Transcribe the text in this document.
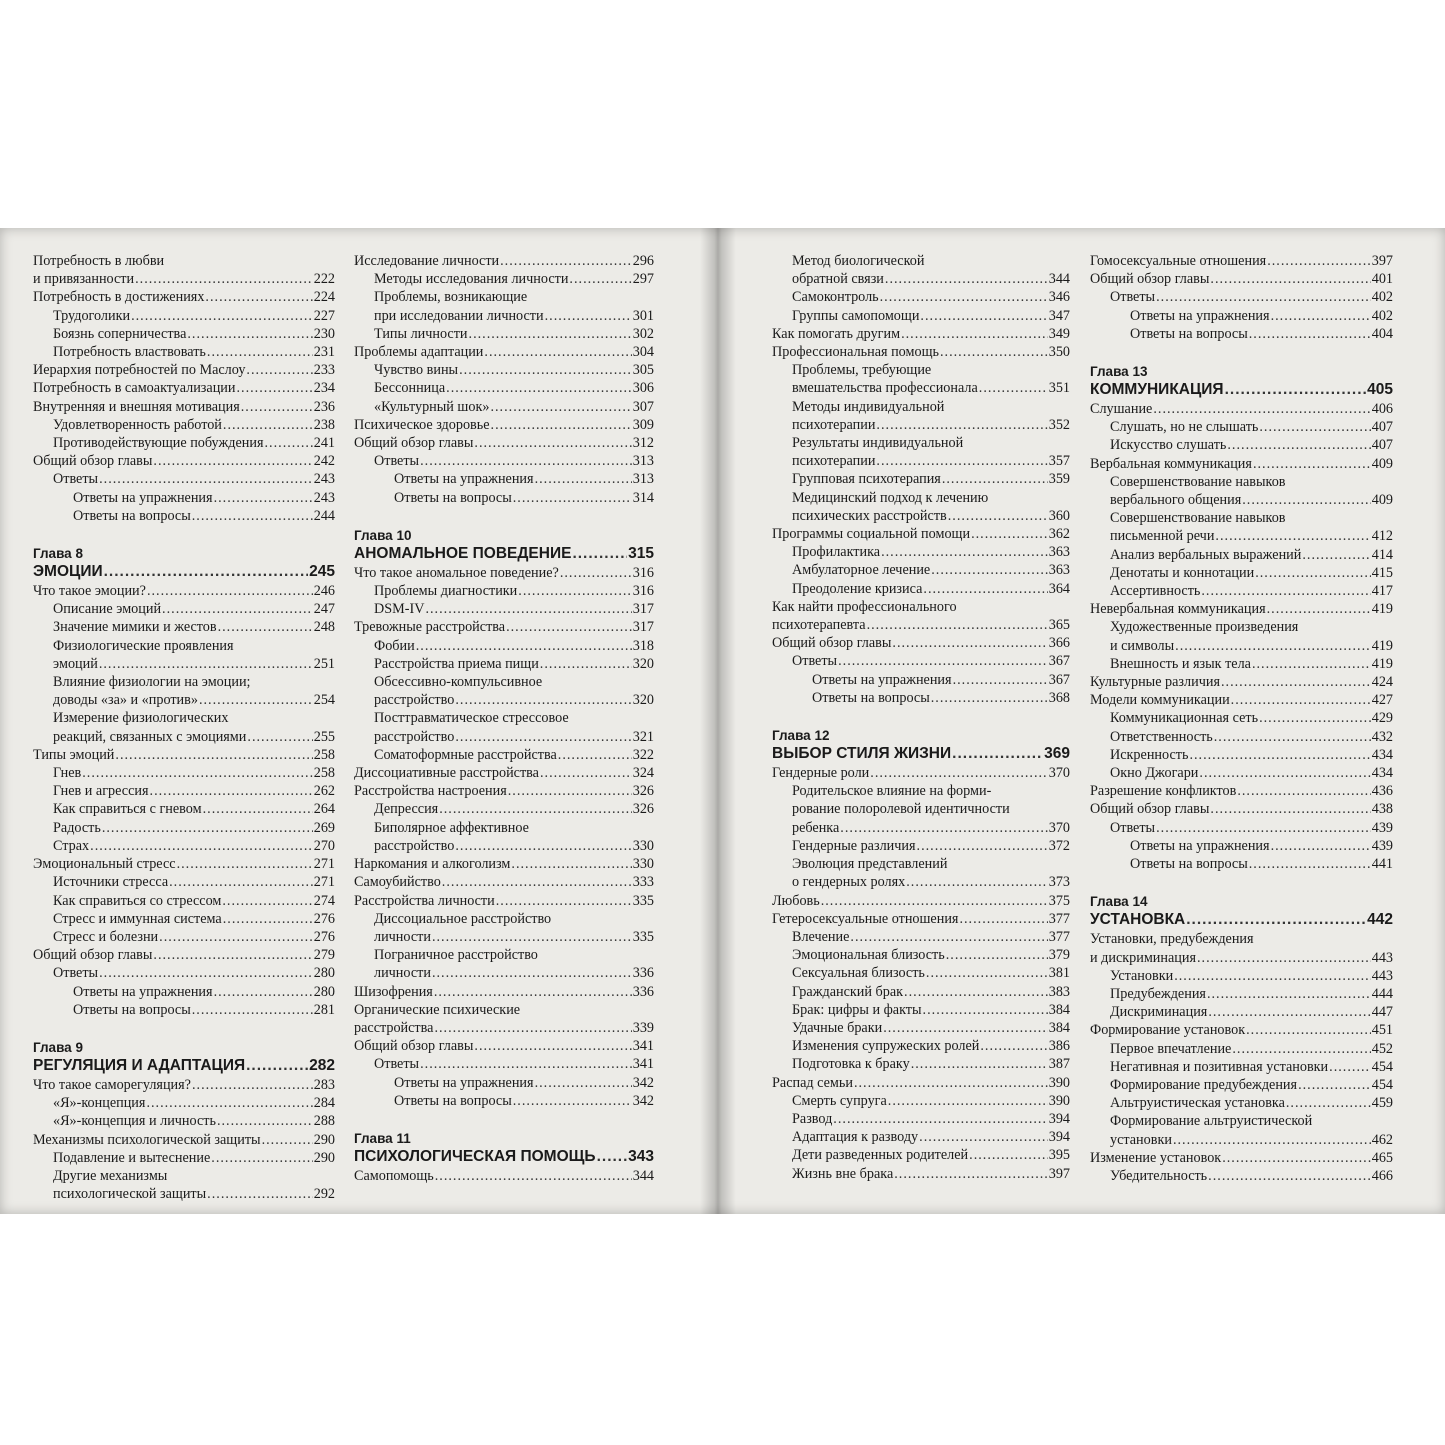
Потребность в любви
и привязанности .....	222
Потребность в достижениях .....	224
Трудоголики .....	227
Боязнь соперничества .....	230
Потребность властвовать .....	231
Иерархия потребностей по Маслоу .....	233
Потребность в самоактуализации .....	234
Внутренняя и внешняя мотивация .....	236
Удовлетворенность работой .....	238
Противодействующие побуждения .....	241
Общий обзор главы .....	242
Ответы .....	243
Ответы на упражнения .....	243
Ответы на вопросы .....	244
Глава 8
ЭМОЦИИ .....	245
Что такое эмоции? .....	246
Описание эмоций .....	247
Значение мимики и жестов .....	248
Физиологические проявления
эмоций .....	251
Влияние физиологии на эмоции;
доводы «за» и «против» .....	254
Измерение физиологических
реакций, связанных с эмоциями .....	255
Типы эмоций .....	258
Гнев .....	258
Гнев и агрессия .....	262
Как справиться с гневом .....	264
Радость .....	269
Страх .....	270
Эмоциональный стресс .....	271
Источники стресса .....	271
Как справиться со стрессом .....	274
Стресс и иммунная система .....	276
Стресс и болезни .....	276
Общий обзор главы .....	279
Ответы .....	280
Ответы на упражнения .....	280
Ответы на вопросы .....	281
Глава 9
РЕГУЛЯЦИЯ И АДАПТАЦИЯ .....	282
Что такое саморегуляция? .....	283
«Я»-концепция .....	284
«Я»-концепция и личность .....	288
Механизмы психологической защиты .....	290
Подавление и вытеснение .....	290
Другие механизмы
психологической защиты .....	292
Исследование личности .....	296
Методы исследования личности .....	297
Проблемы, возникающие
при исследовании личности .....	301
Типы личности .....	302
Проблемы адаптации .....	304
Чувство вины .....	305
Бессонница .....	306
«Культурный шок» .....	307
Психическое здоровье .....	309
Общий обзор главы .....	312
Ответы .....	313
Ответы на упражнения .....	313
Ответы на вопросы .....	314
Глава 10
АНОМАЛЬНОЕ ПОВЕДЕНИЕ .....	315
Что такое аномальное поведение? .....	316
Проблемы диагностики .....	316
DSM-IV .....	317
Тревожные расстройства .....	317
Фобии .....	318
Расстройства приема пищи .....	320
Обсессивно-компульсивное
расстройство .....	320
Посттравматическое стрессовое
расстройство .....	321
Соматоформные расстройства .....	322
Диссоциативные расстройства .....	324
Расстройства настроения .....	326
Депрессия .....	326
Биполярное аффективное
расстройство .....	330
Наркомания и алкоголизм .....	330
Самоубийство .....	333
Расстройства личности .....	335
Диссоциальное расстройство
личности .....	335
Пограничное расстройство
личности .....	336
Шизофрения .....	336
Органические психические
расстройства .....	339
Общий обзор главы .....	341
Ответы .....	341
Ответы на упражнения .....	342
Ответы на вопросы .....	342
Глава 11
ПСИХОЛОГИЧЕСКАЯ ПОМОЩЬ ..... 343
Самопомощь .....	344
Метод биологической
обратной связи .....	344
Самоконтроль .....	346
Группы самопомощи .....	347
Как помогать другим .....	349
Профессиональная помощь .....	350
Проблемы, требующие
вмешательства профессионала .....	351
Методы индивидуальной
психотерапии .....	352
Результаты индивидуальной
психотерапии .....	357
Групповая психотерапия .....	359
Медицинский подход к лечению
психических расстройств .....	360
Программы социальной помощи .....	362
Профилактика .....	363
Амбулаторное лечение .....	363
Преодоление кризиса .....	364
Как найти профессионального
психотерапевта .....	365
Общий обзор главы .....	366
Ответы .....	367
Ответы на упражнения .....	367
Ответы на вопросы .....	368
Глава 12
ВЫБОР СТИЛЯ ЖИЗНИ .....	369
Гендерные роли .....	370
Родительское влияние на форми-
рование полоролевой идентичности
ребенка .....	370
Гендерные различия .....	372
Эволюция представлений
о гендерных ролях .....	373
Любовь .....	375
Гетеросексуальные отношения .....	377
Влечение .....	377
Эмоциональная близость .....	379
Сексуальная близость .....	381
Гражданский брак .....	383
Брак: цифры и факты .....	384
Удачные браки .....	384
Изменения супружеских ролей .....	386
Подготовка к браку .....	387
Распад семьи .....	390
Смерть супруга .....	390
Развод .....	394
Адаптация к разводу .....	394
Дети разведенных родителей .....	395
Жизнь вне брака .....	397
Гомосексуальные отношения .....	397
Общий обзор главы .....	401
Ответы .....	402
Ответы на упражнения .....	402
Ответы на вопросы .....	404
Глава 13
КОММУНИКАЦИЯ .....	405
Слушание .....	406
Слушать, но не слышать .....	407
Искусство слушать .....	407
Вербальная коммуникация .....	409
Совершенствование навыков
вербального общения .....	409
Совершенствование навыков
письменной речи .....	412
Анализ вербальных выражений .....	414
Денотаты и коннотации .....	415
Ассертивность .....	417
Невербальная коммуникация .....	419
Художественные произведения
и символы .....	419
Внешность и язык тела .....	419
Культурные различия .....	424
Модели коммуникации .....	427
Коммуникационная сеть .....	429
Ответственность .....	432
Искренность .....	434
Окно Джогари .....	434
Разрешение конфликтов .....	436
Общий обзор главы .....	438
Ответы .....	439
Ответы на упражнения .....	439
Ответы на вопросы .....	441
Глава 14
УСТАНОВКА .....	442
Установки, предубеждения
и дискриминация .....	443
Установки .....	443
Предубеждения .....	444
Дискриминация .....	447
Формирование установок .....	451
Первое впечатление .....	452
Негативная и позитивная установки .....	454
Формирование предубеждения .....	454
Альтруистическая установка .....	459
Формирование альтруистической
установки .....	462
Изменение установок .....	465
Убедительность .....	466
